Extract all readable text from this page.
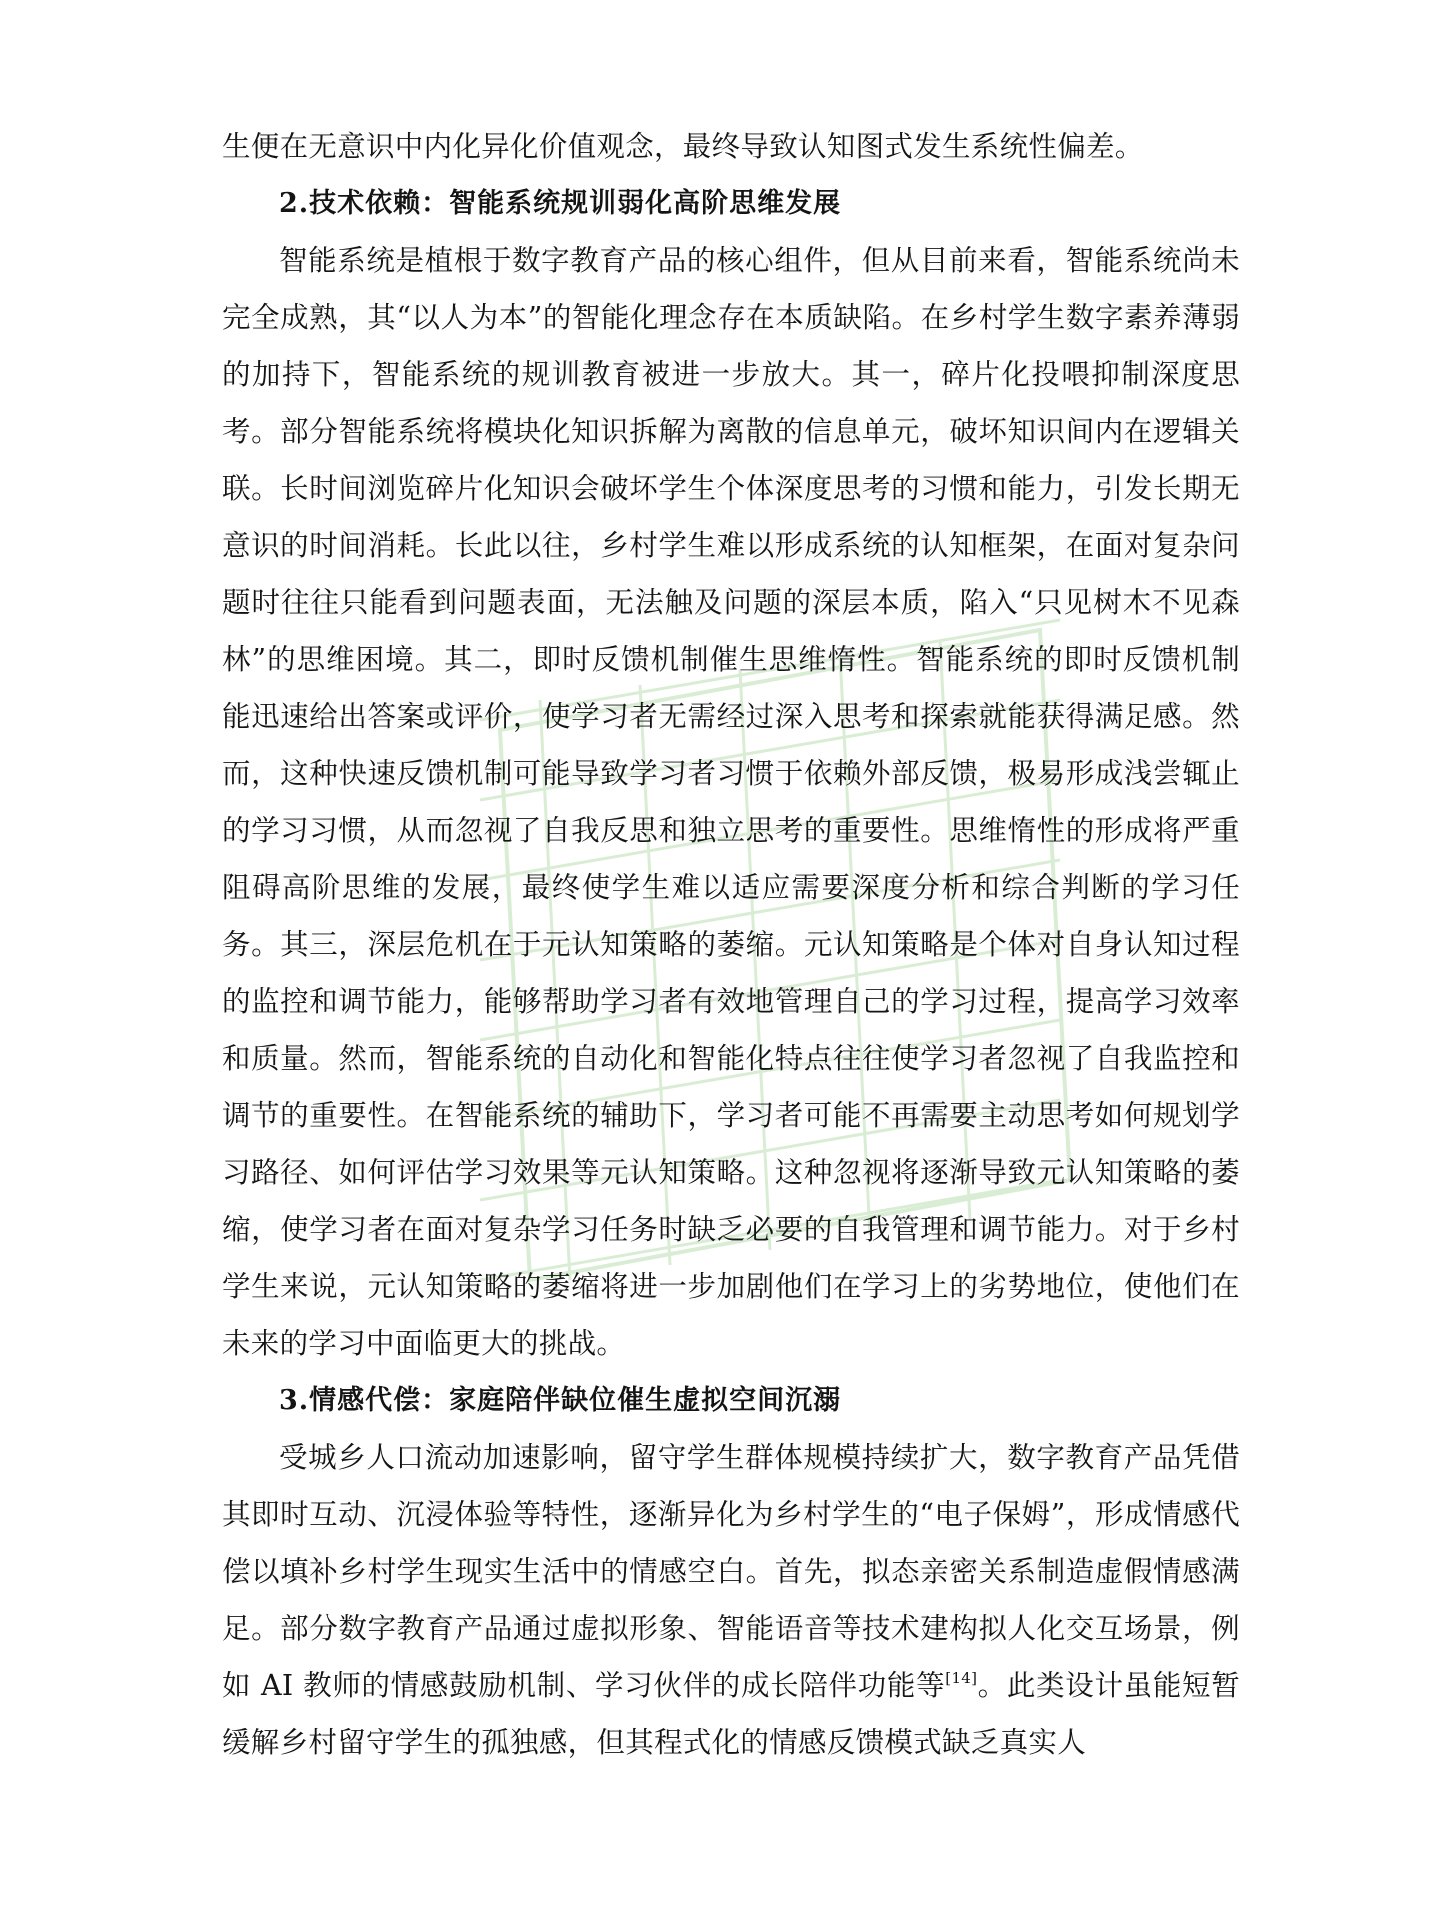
生便在无意识中内化异化价值观念，最终导致认知图式发生系统性偏差。

2.技术依赖：智能系统规训弱化高阶思维发展

智能系统是植根于数字教育产品的核心组件，但从目前来看，智能系统尚未完全成熟，其“以人为本”的智能化理念存在本质缺陷。在乡村学生数字素养薄弱的加持下，智能系统的规训教育被进一步放大。其一，碎片化投喂抑制深度思考。部分智能系统将模块化知识拆解为离散的信息单元，破坏知识间内在逻辑关联。长时间浏览碎片化知识会破坏学生个体深度思考的习惯和能力，引发长期无意识的时间消耗。长此以往，乡村学生难以形成系统的认知框架，在面对复杂问题时往往只能看到问题表面，无法触及问题的深层本质，陷入“只见树木不见森林”的思维困境。其二，即时反馈机制催生思维惰性。智能系统的即时反馈机制能迅速给出答案或评价，使学习者无需经过深入思考和探索就能获得满足感。然而，这种快速反馈机制可能导致学习者习惯于依赖外部反馈，极易形成浅尝辄止的学习习惯，从而忽视了自我反思和独立思考的重要性。思维惰性的形成将严重阻碍高阶思维的发展，最终使学生难以适应需要深度分析和综合判断的学习任务。其三，深层危机在于元认知策略的萎缩。元认知策略是个体对自身认知过程的监控和调节能力，能够帮助学习者有效地管理自己的学习过程，提高学习效率和质量。然而，智能系统的自动化和智能化特点往往使学习者忽视了自我监控和调节的重要性。在智能系统的辅助下，学习者可能不再需要主动思考如何规划学习路径、如何评估学习效果等元认知策略。这种忽视将逐渐导致元认知策略的萎缩，使学习者在面对复杂学习任务时缺乏必要的自我管理和调节能力。对于乡村学生来说，元认知策略的萎缩将进一步加剧他们在学习上的劣势地位，使他们在未来的学习中面临更大的挑战。

3.情感代偿：家庭陪伴缺位催生虚拟空间沉溺

受城乡人口流动加速影响，留守学生群体规模持续扩大，数字教育产品凭借其即时互动、沉浸体验等特性，逐渐异化为乡村学生的“电子保姆”，形成情感代偿以填补乡村学生现实生活中的情感空白。首先，拟态亲密关系制造虚假情感满足。部分数字教育产品通过虚拟形象、智能语音等技术建构拟人化交互场景，例如 AI 教师的情感鼓励机制、学习伙伴的成长陪伴功能等[14]。此类设计虽能短暂缓解乡村留守学生的孤独感，但其程式化的情感反馈模式缺乏真实人
